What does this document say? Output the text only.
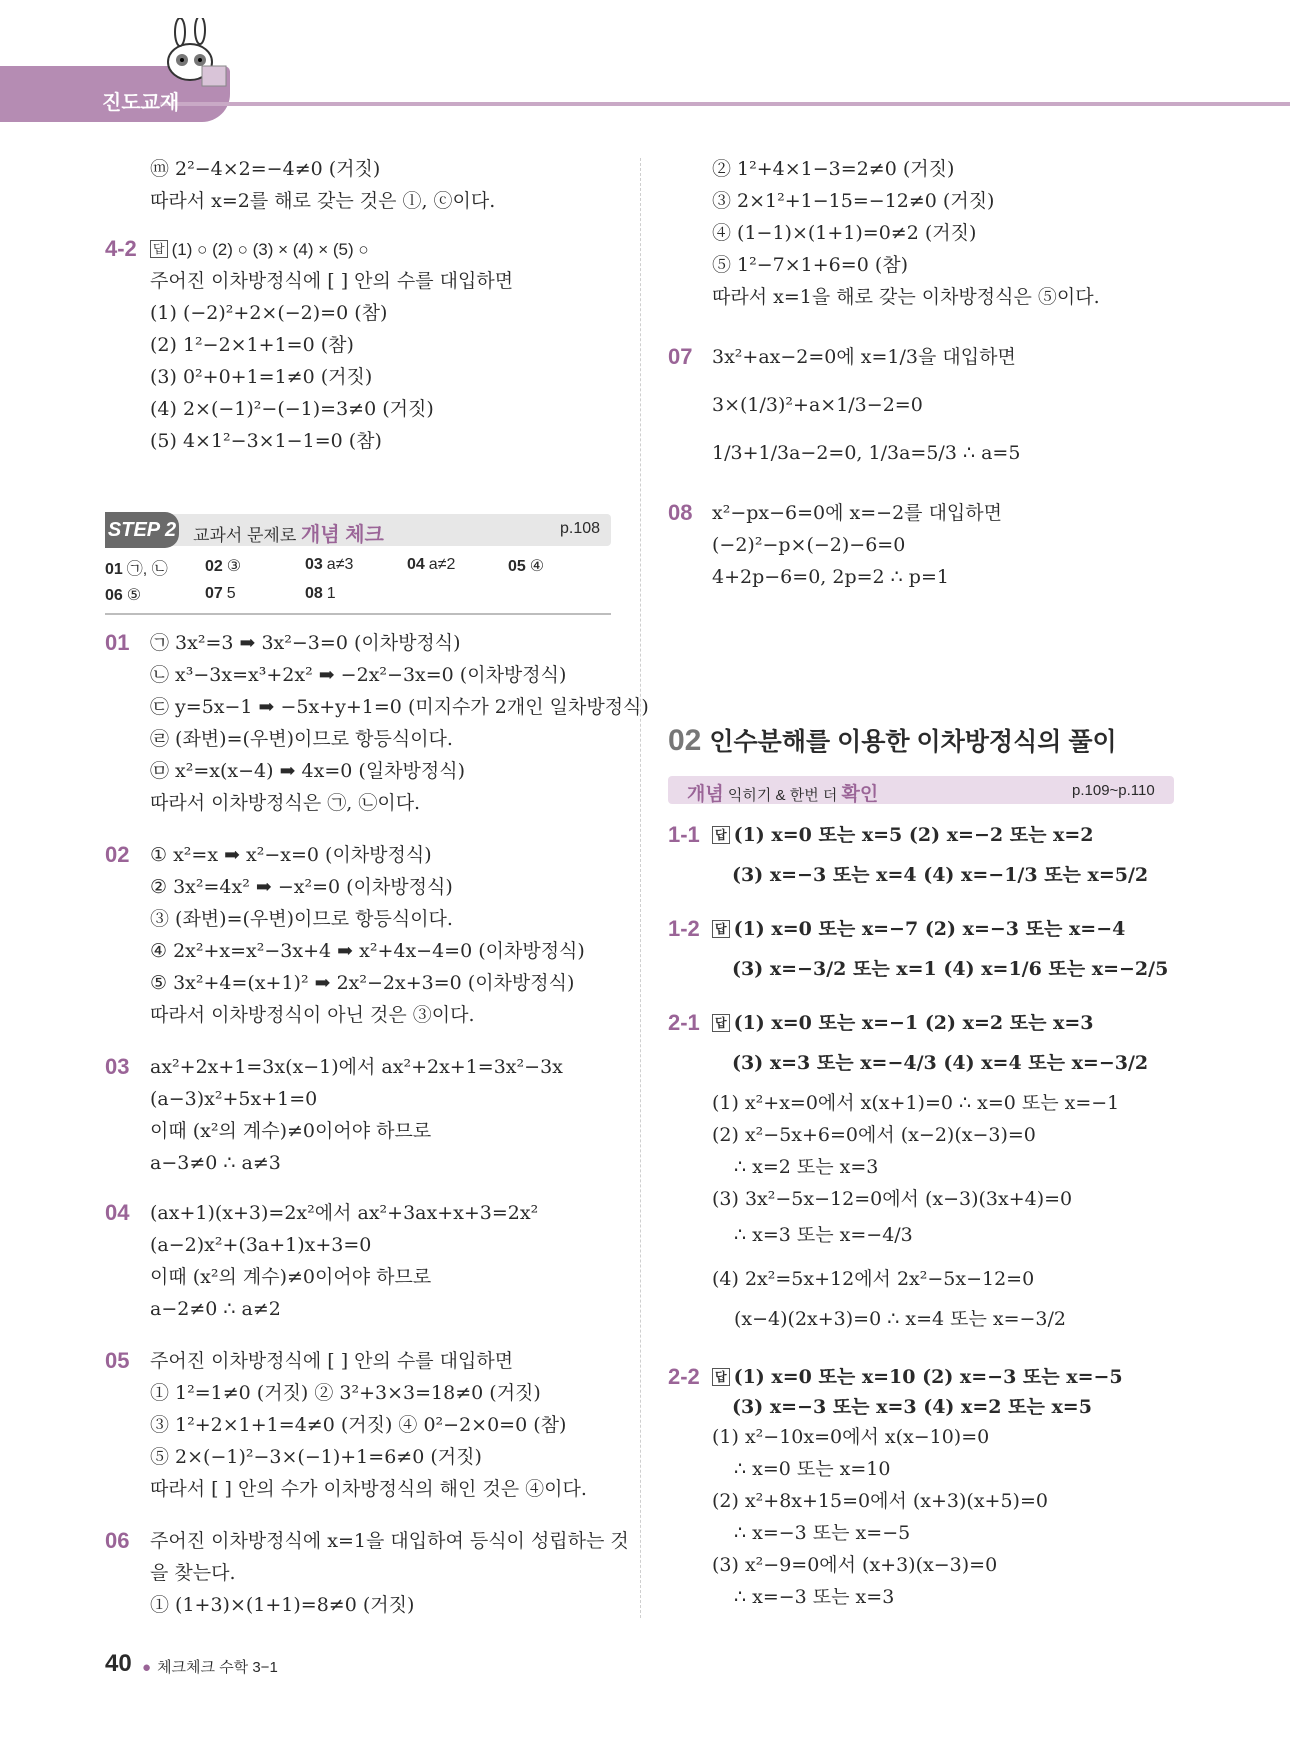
진도교재
ⓜ 2²−4×2=−4≠0 (거짓)
따라서 x=2를 해로 갖는 것은 ⓛ, ⓒ이다.
4-2 답 (1) ○ (2) ○ (3) × (4) × (5) ○
주어진 이차방정식에 [ ] 안의 수를 대입하면
(1) (−2)²+2×(−2)=0 (참)
(2) 1²−2×1+1=0 (참)
(3) 0²+0+1=1≠0 (거짓)
(4) 2×(−1)²−(−1)=3≠0 (거짓)
(5) 4×1²−3×1−1=0 (참)
STEP 2 교과서 문제로 개념 체크	p.108
01 ㉠, ㉡ 02 ③	03 a≠3	04 a≠2	05 ④
06 ⑤	07 5	08 1
01 ㉠ 3x²=3 ➡ 3x²−3=0 (이차방정식)
㉡ x³−3x=x³+2x² ➡ −2x²−3x=0 (이차방정식)
㉢ y=5x−1 ➡ −5x+y+1=0 (미지수가 2개인 일차방정식)
㉣ (좌변)=(우변)이므로 항등식이다.
㉤ x²=x(x−4) ➡ 4x=0 (일차방정식)
따라서 이차방정식은 ㉠, ㉡이다.
02 ① x²=x ➡ x²−x=0 (이차방정식)
② 3x²=4x² ➡ −x²=0 (이차방정식)
③ (좌변)=(우변)이므로 항등식이다.
④ 2x²+x=x²−3x+4 ➡ x²+4x−4=0 (이차방정식)
⑤ 3x²+4=(x+1)² ➡ 2x²−2x+3=0 (이차방정식)
따라서 이차방정식이 아닌 것은 ③이다.
03 ax²+2x+1=3x(x−1)에서 ax²+2x+1=3x²−3x
(a−3)x²+5x+1=0
이때 (x²의 계수)≠0이어야 하므로
a−3≠0 ∴ a≠3
04 (ax+1)(x+3)=2x²에서 ax²+3ax+x+3=2x²
(a−2)x²+(3a+1)x+3=0
이때 (x²의 계수)≠0이어야 하므로
a−2≠0 ∴ a≠2
05 주어진 이차방정식에 [ ] 안의 수를 대입하면
① 1²=1≠0 (거짓) ② 3²+3×3=18≠0 (거짓)
③ 1²+2×1+1=4≠0 (거짓) ④ 0²−2×0=0 (참)
⑤ 2×(−1)²−3×(−1)+1=6≠0 (거짓)
따라서 [ ] 안의 수가 이차방정식의 해인 것은 ④이다.
06 주어진 이차방정식에 x=1을 대입하여 등식이 성립하는 것
을 찾는다.
① (1+3)×(1+1)=8≠0 (거짓)
② 1²+4×1−3=2≠0 (거짓)
③ 2×1²+1−15=−12≠0 (거짓)
④ (1−1)×(1+1)=0≠2 (거짓)
⑤ 1²−7×1+6=0 (참)
따라서 x=1을 해로 갖는 이차방정식은 ⑤이다.
07 3x²+ax−2=0에 x=1/3을 대입하면
3×(1/3)²+a×1/3−2=0
1/3+1/3a−2=0, 1/3a=5/3 ∴ a=5
08 x²−px−6=0에 x=−2를 대입하면
(−2)²−p×(−2)−6=0
4+2p−6=0, 2p=2 ∴ p=1
02 인수분해를 이용한 이차방정식의 풀이
개념 익히기 & 한번 더 확인	p.109~p.110
1-1 답 (1) x=0 또는 x=5 (2) x=−2 또는 x=2
(3) x=−3 또는 x=4 (4) x=−1/3 또는 x=5/2
1-2 답 (1) x=0 또는 x=−7 (2) x=−3 또는 x=−4
(3) x=−3/2 또는 x=1 (4) x=1/6 또는 x=−2/5
2-1 답 (1) x=0 또는 x=−1 (2) x=2 또는 x=3
(3) x=3 또는 x=−4/3 (4) x=4 또는 x=−3/2
(1) x²+x=0에서 x(x+1)=0 ∴ x=0 또는 x=−1
(2) x²−5x+6=0에서 (x−2)(x−3)=0
∴ x=2 또는 x=3
(3) 3x²−5x−12=0에서 (x−3)(3x+4)=0
∴ x=3 또는 x=−4/3
(4) 2x²=5x+12에서 2x²−5x−12=0
(x−4)(2x+3)=0 ∴ x=4 또는 x=−3/2
2-2 답 (1) x=0 또는 x=10 (2) x=−3 또는 x=−5
(3) x=−3 또는 x=3 (4) x=2 또는 x=5
(1) x²−10x=0에서 x(x−10)=0
∴ x=0 또는 x=10
(2) x²+8x+15=0에서 (x+3)(x+5)=0
∴ x=−3 또는 x=−5
(3) x²−9=0에서 (x+3)(x−3)=0
∴ x=−3 또는 x=3
40 ● 체크체크 수학 3−1
